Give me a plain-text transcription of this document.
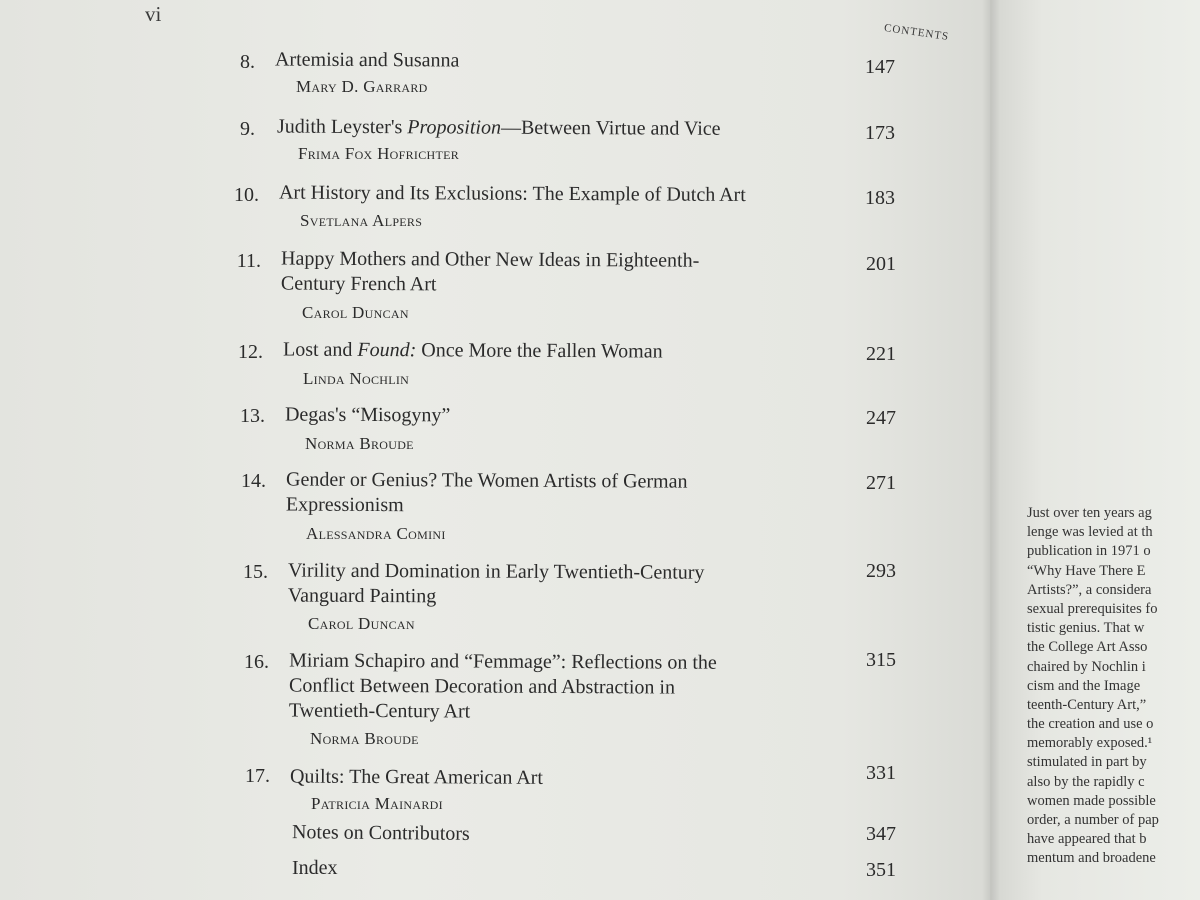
vi
CONTENTS
8. Artemisia and Susanna
Mary D. Garrard
147
9. Judith Leyster's Proposition—Between Virtue and Vice
Frima Fox Hofrichter
173
10. Art History and Its Exclusions: The Example of Dutch Art
Svetlana Alpers
183
11. Happy Mothers and Other New Ideas in Eighteenth-
Century French Art
Carol Duncan
201
12. Lost and Found: Once More the Fallen Woman
Linda Nochlin
221
13. Degas's “Misogyny”
Norma Broude
247
14. Gender or Genius? The Women Artists of German
Expressionism
Alessandra Comini
271
15. Virility and Domination in Early Twentieth-Century
Vanguard Painting
Carol Duncan
293
16. Miriam Schapiro and “Femmage”: Reflections on the
Conflict Between Decoration and Abstraction in
Twentieth-Century Art
Norma Broude
315
17. Quilts: The Great American Art
Patricia Mainardi
331
Notes on Contributors	347
Index	351
Just over ten years ag
lenge was levied at th
publication in 1971 o
“Why Have There E
Artists?”, a considera
sexual prerequisites fo
tistic genius. That w
the College Art Asso
chaired by Nochlin i
cism and the Image
teenth-Century Art,”
the creation and use o
memorably exposed.¹
stimulated in part by
also by the rapidly c
women made possible
order, a number of pap
have appeared that b
mentum and broadene
